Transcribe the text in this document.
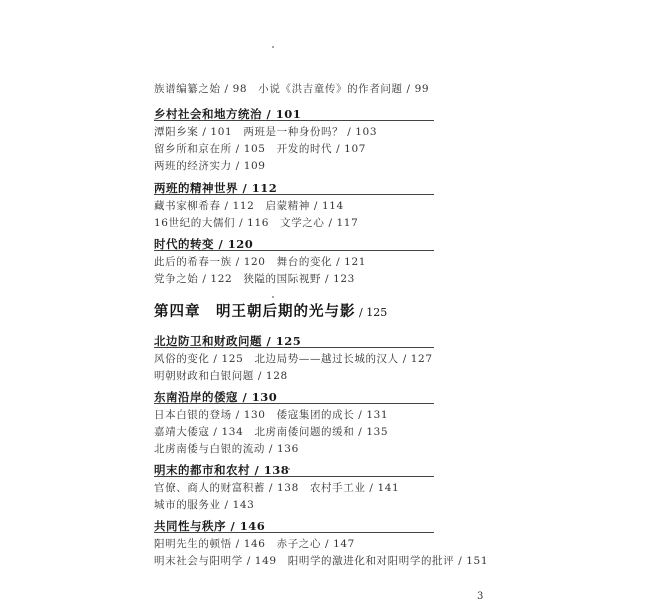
族谱编纂之始 / 98　小说《洪吉童传》的作者问题 / 99
乡村社会和地方统治 / 101
潭阳乡案 / 101　两班是一种身份吗？ / 103
留乡所和京在所 / 105　开发的时代 / 107
两班的经济实力 / 109
两班的精神世界 / 112
藏书家柳希春 / 112　启蒙精神 / 114
16世纪的大儒们 / 116　文学之心 / 117
时代的转变 / 120
此后的希春一族 / 120　舞台的变化 / 121
党争之始 / 122　狭隘的国际视野 / 123
第四章　明王朝后期的光与影 / 125
北边防卫和财政问题 / 125
风俗的变化 / 125　北边局势——越过长城的汉人 / 127
明朝财政和白银问题 / 128
东南沿岸的倭寇 / 130
日本白银的登场 / 130　倭寇集团的成长 / 131
嘉靖大倭寇 / 134　北虏南倭问题的缓和 / 135
北虏南倭与白银的流动 / 136
明末的都市和农村 / 138
官僚、商人的财富积蓄 / 138　农村手工业 / 141
城市的服务业 / 143
共同性与秩序 / 146
阳明先生的顿悟 / 146　赤子之心 / 147
明末社会与阳明学 / 149　阳明学的激进化和对阳明学的批评 / 151
3
